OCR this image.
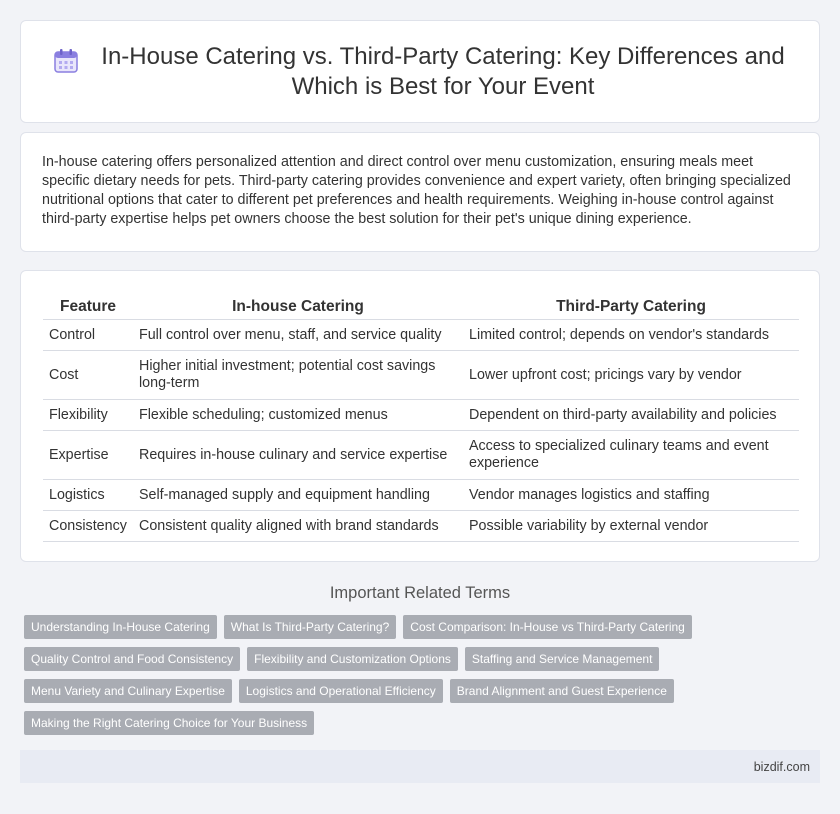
In-House Catering vs. Third-Party Catering: Key Differences and Which is Best for Your Event

In-house catering offers personalized attention and direct control over menu customization, ensuring meals meet specific dietary needs for pets. Third-party catering provides convenience and expert variety, often bringing specialized nutritional options that cater to different pet preferences and health requirements. Weighing in-house control against third-party expertise helps pet owners choose the best solution for their pet's unique dining experience.

Feature	In-house Catering	Third-Party Catering
Control	Full control over menu, staff, and service quality	Limited control; depends on vendor's standards
Cost	Higher initial investment; potential cost savings long-term	Lower upfront cost; pricings vary by vendor
Flexibility	Flexible scheduling; customized menus	Dependent on third-party availability and policies
Expertise	Requires in-house culinary and service expertise	Access to specialized culinary teams and event experience
Logistics	Self-managed supply and equipment handling	Vendor manages logistics and staffing
Consistency	Consistent quality aligned with brand standards	Possible variability by external vendor
Important Related Terms
Understanding In-House Catering	What Is Third-Party Catering?	Cost Comparison: In-House vs Third-Party Catering
Quality Control and Food Consistency	Flexibility and Customization Options	Staffing and Service Management
Menu Variety and Culinary Expertise	Logistics and Operational Efficiency	Brand Alignment and Guest Experience
Making the Right Catering Choice for Your Business
bizdif.com
